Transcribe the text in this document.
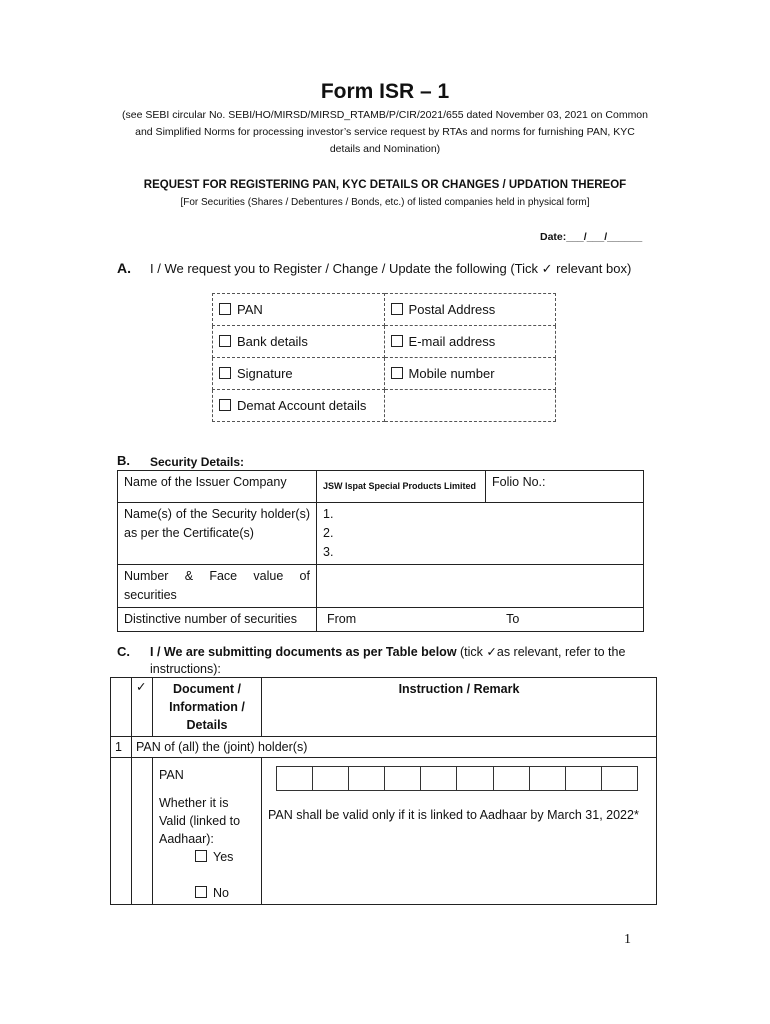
Form ISR – 1
(see SEBI circular No. SEBI/HO/MIRSD/MIRSD_RTAMB/P/CIR/2021/655 dated November 03, 2021 on Common
and Simplified Norms for processing investor’s service request by RTAs and norms for furnishing PAN, KYC
details and Nomination)
REQUEST FOR REGISTERING PAN, KYC DETAILS OR CHANGES / UPDATION THEREOF
[For Securities (Shares / Debentures / Bonds, etc.) of listed companies held in physical form]
Date:___/___/______
A. I / We request you to Register / Change / Update the following (Tick ✓ relevant box)
PAN	Postal Address
Bank details	E-mail address
Signature	Mobile number
Demat Account details	
B. Security Details:
Name of the Issuer Company	JSW Ispat Special Products Limited	Folio No.:
Name(s) of the Security holder(s) as per the Certificate(s)	1.
2.
3.	

Number & Face value of securities		
Distinctive number of securities	From To	
C. I / We are submitting documents as per Table below (tick ✓as relevant, refer to the instructions):
	✓	Document / Information / Details	Instruction / Remark
1	PAN of (all) the (joint) holder(s)		

		PAN
Whether it is Valid (linked to Aadhaar):
Yes
No	PAN shall be valid only if it is linked to Aadhaar by March 31, 2022*
1
